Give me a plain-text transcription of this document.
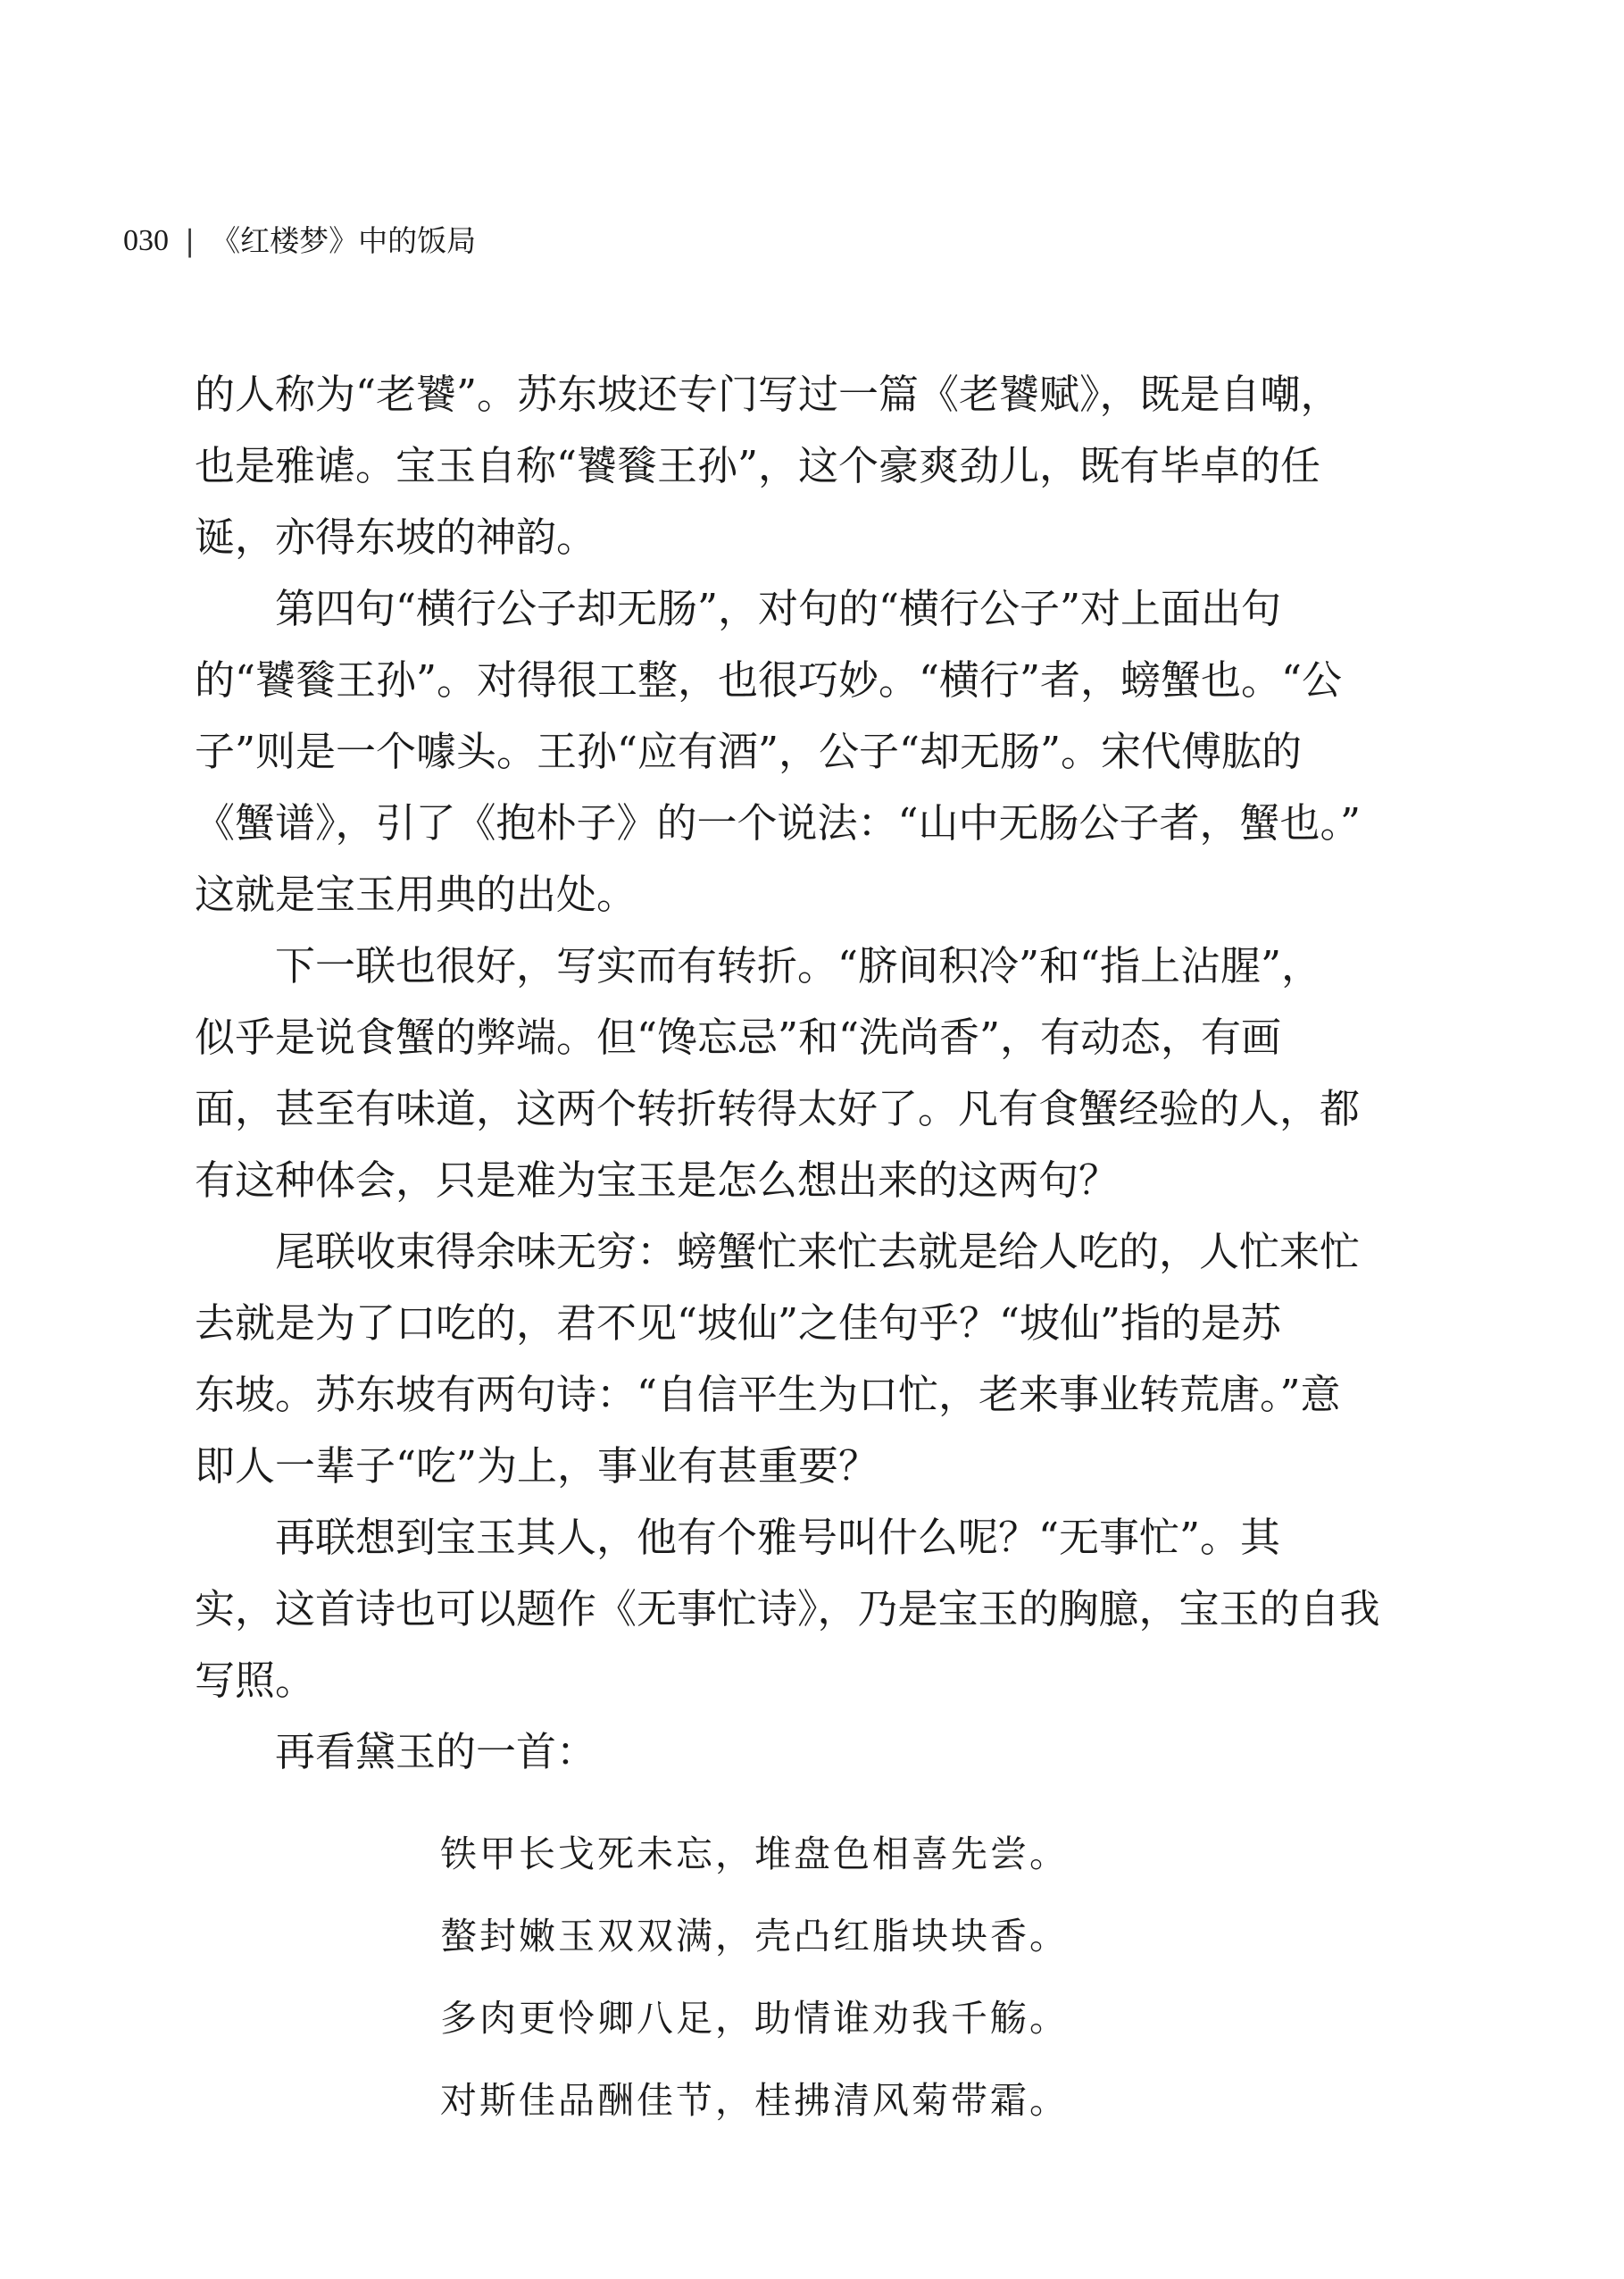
030 | 《红楼梦》中的饭局

的人称为“老饕”。苏东坡还专门写过一篇《老饕赋》，既是自嘲，
也是雅谑。宝玉自称“饕餮王孙”，这个豪爽劲儿，既有毕卓的任
诞，亦得东坡的神韵。

第四句“横行公子却无肠”，对句的“横行公子”对上面出句
的“饕餮王孙”。对得很工整，也很巧妙。“横行”者，螃蟹也。“公
子”则是一个噱头。王孙“应有酒”，公子“却无肠”。宋代傅肱的
《蟹谱》，引了《抱朴子》的一个说法：“山中无肠公子者，蟹也。”
这就是宝玉用典的出处。

下一联也很好，写实而有转折。“脐间积冷”和“指上沾腥”，
似乎是说食蟹的弊端。但“馋忘忌”和“洗尚香”，有动态，有画
面，甚至有味道，这两个转折转得太好了。凡有食蟹经验的人，都
有这种体会，只是难为宝玉是怎么想出来的这两句？

尾联收束得余味无穷：螃蟹忙来忙去就是给人吃的，人忙来忙
去就是为了口吃的，君不见“坡仙”之佳句乎？“坡仙”指的是苏
东坡。苏东坡有两句诗：“自信平生为口忙，老来事业转荒唐。”意
即人一辈子“吃”为上，事业有甚重要？

再联想到宝玉其人，他有个雅号叫什么呢？“无事忙”。其
实，这首诗也可以题作《无事忙诗》，乃是宝玉的胸臆，宝玉的自我
写照。

再看黛玉的一首：

铁甲长戈死未忘，堆盘色相喜先尝。
螯封嫩玉双双满，壳凸红脂块块香。
多肉更怜卿八足，助情谁劝我千觞。
对斯佳品酬佳节，桂拂清风菊带霜。
